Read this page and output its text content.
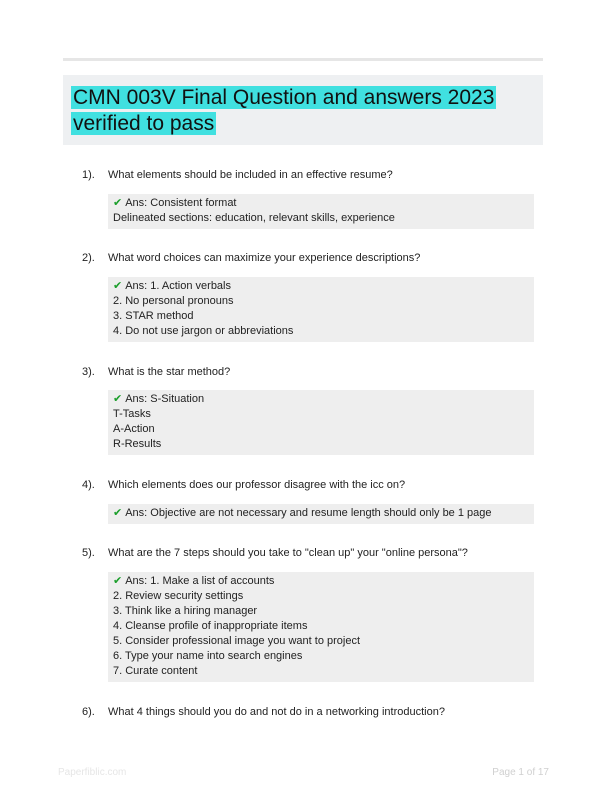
CMN 003V Final Question and answers 2023 verified to pass
1). What elements should be included in an effective resume?
✔ Ans: Consistent format
Delineated sections: education, relevant skills, experience
2). What word choices can maximize your experience descriptions?
✔ Ans: 1. Action verbals
2. No personal pronouns
3. STAR method
4. Do not use jargon or abbreviations
3). What is the star method?
✔ Ans: S-Situation
T-Tasks
A-Action
R-Results
4). Which elements does our professor disagree with the icc on?
✔ Ans: Objective are not necessary and resume length should only be 1 page
5). What are the 7 steps should you take to "clean up" your "online persona"?
✔ Ans: 1. Make a list of accounts
2. Review security settings
3. Think like a hiring manager
4. Cleanse profile of inappropriate items
5. Consider professional image you want to project
6. Type your name into search engines
7. Curate content
6). What 4 things should you do and not do in a networking introduction?
Paperfiblic.com	Page 1 of 17
